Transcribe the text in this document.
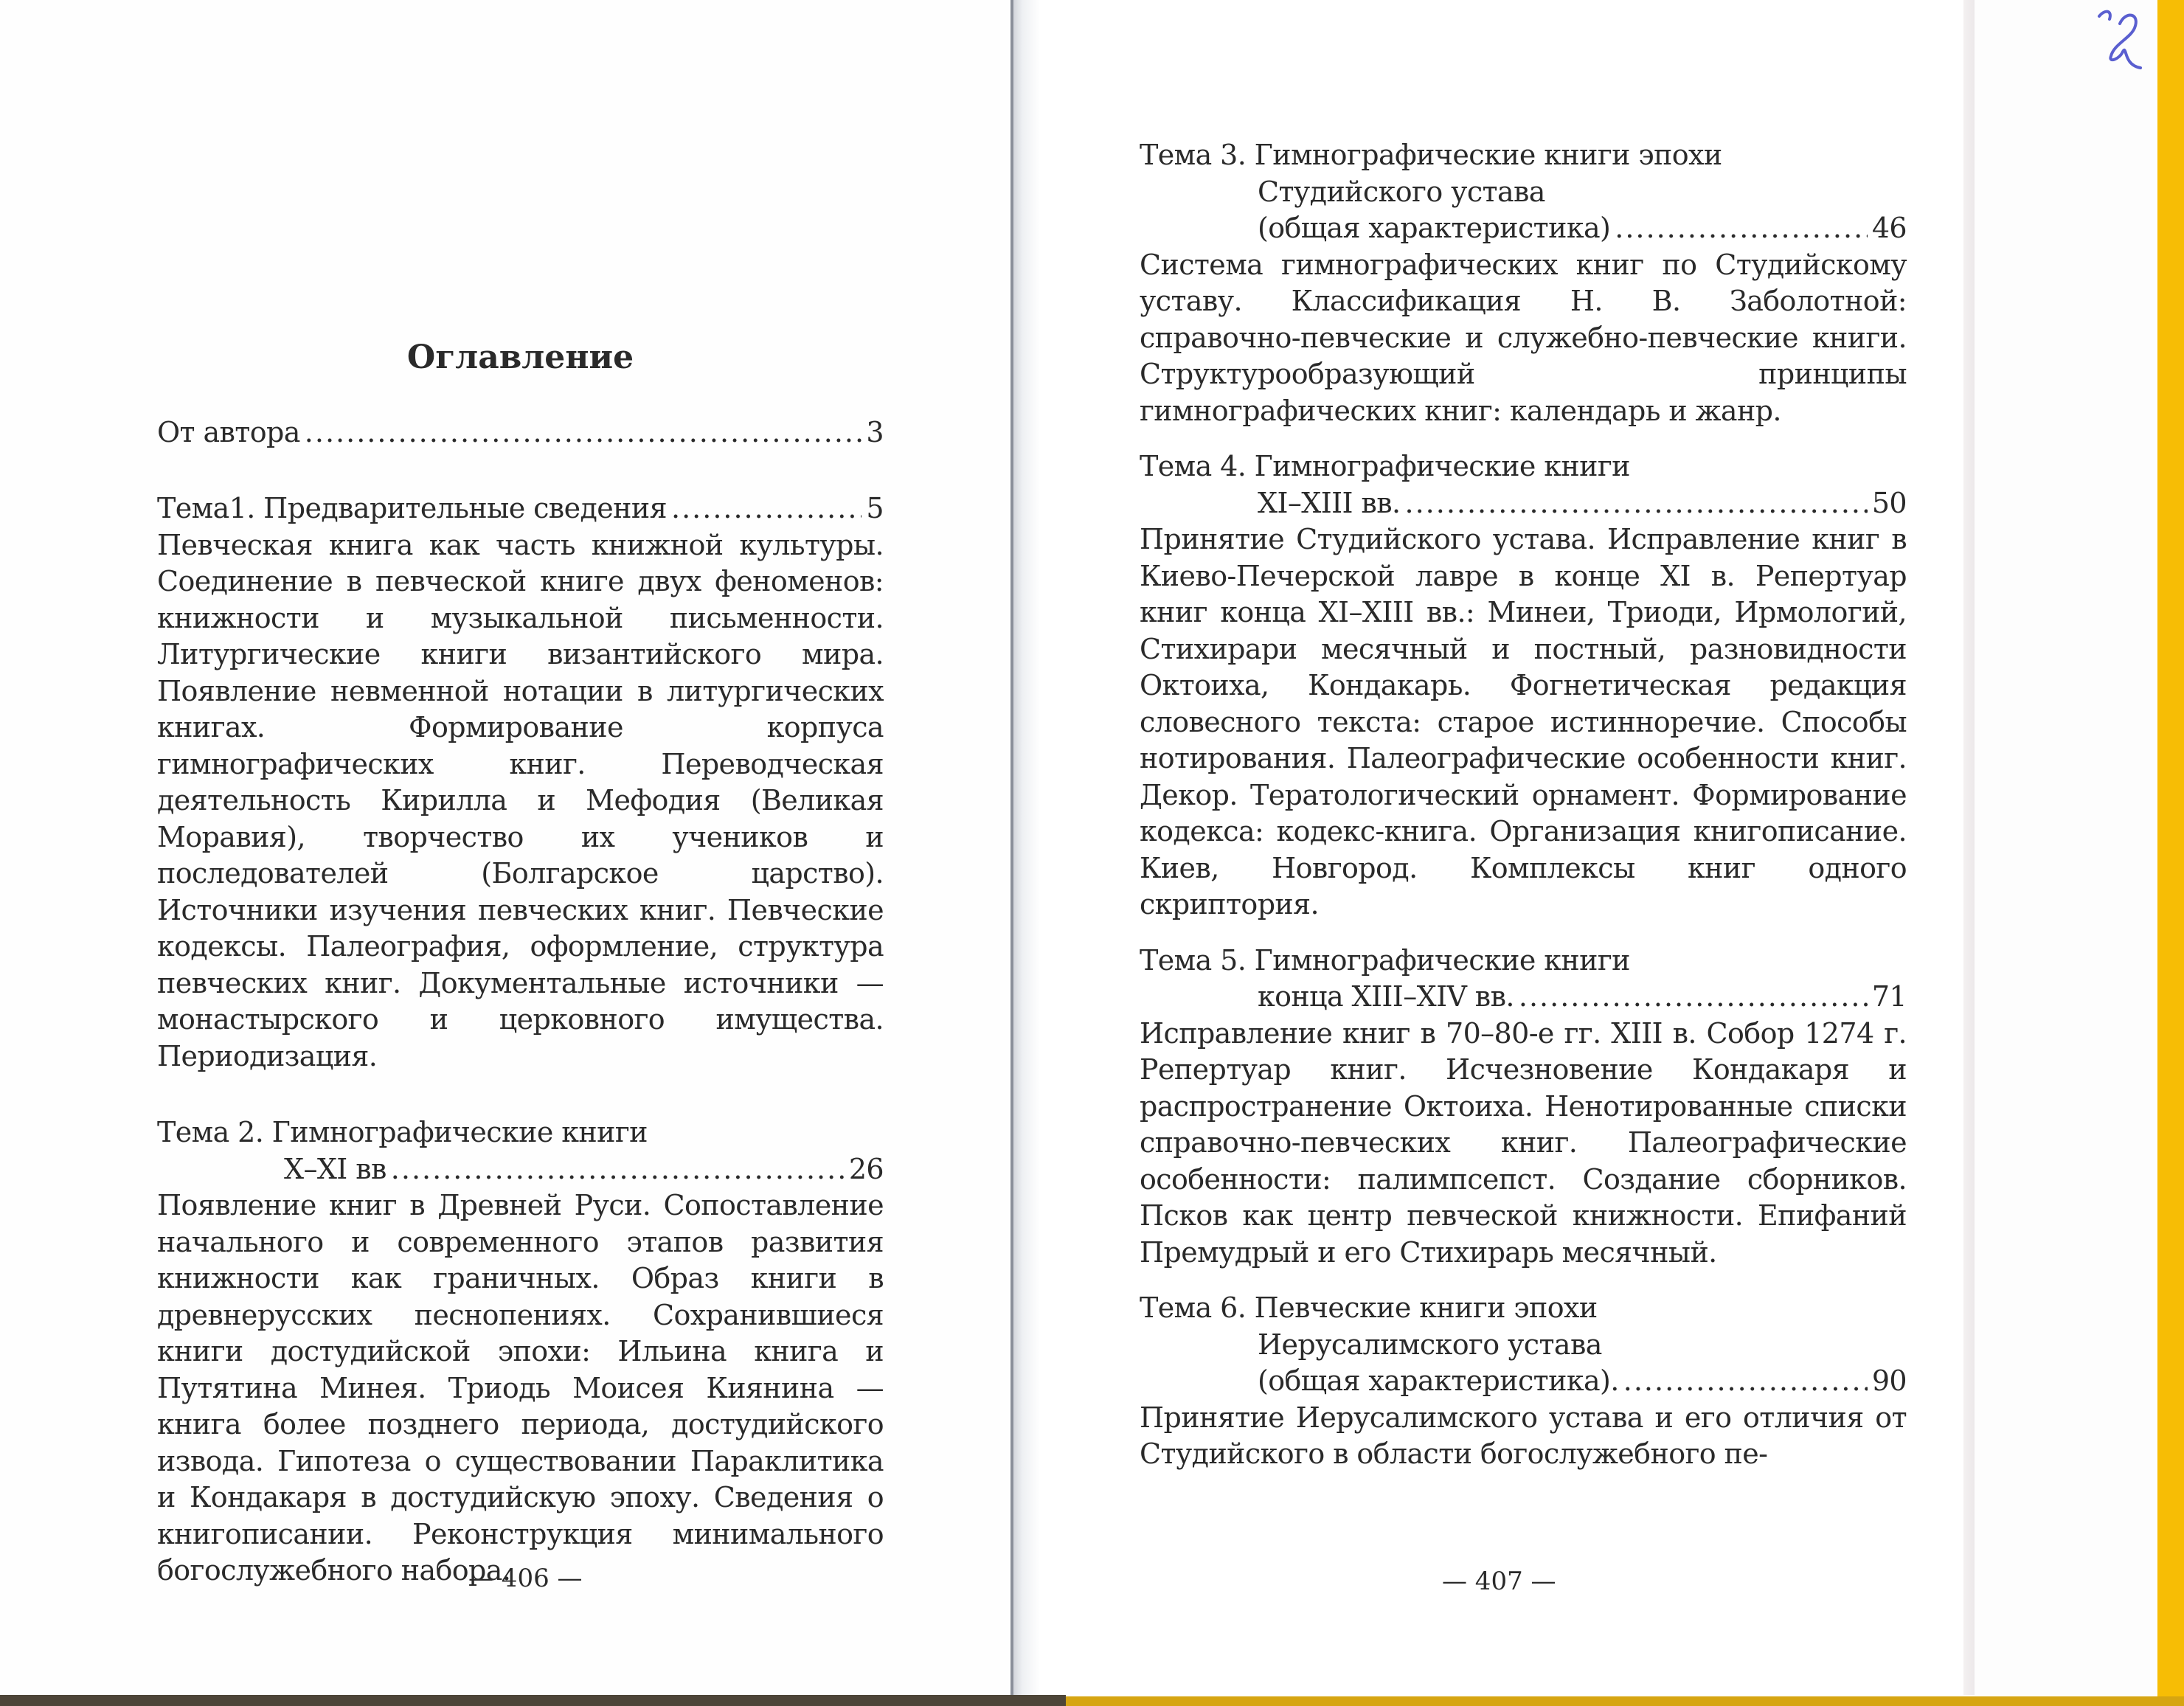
Оглавление
От автора .....	3
Тема1. Предварительные сведения .....	5

Певческая книга как часть книжной культуры. Соединение в певческой книге двух феноменов: книжности и музыкальной письменности. Литургические книги византийского мира. Появление невменной нотации в литургических книгах. Формирование корпуса гимнографических книг. Переводческая деятельность Кирилла и Мефодия (Великая Моравия), творчество их учеников и последователей (Болгарское царство). Источники изучения певческих книг. Певческие кодексы. Палеография, оформление, структура певческих книг. Документальные источники — монастырского и церковного имущества. Периодизация.

Тема 2. Гимнографические книги
X–XI вв .....	26

Появление книг в Древней Руси. Сопоставление начального и современного этапов развития книжности как граничных. Образ книги в древнерусских песнопениях. Сохранившиеся книги достудийской эпохи: Ильина книга и Путятина Минея. Триодь Моисея Киянина — книга более позднего периода, достудийского извода. Гипотеза о существовании Параклитика и Кондакаря в достудийскую эпоху. Сведения о книгописании. Реконструкция минимального богослужебного набора.

— 406 —
Тема 3. Гимнографические книги эпохи
Студийского устава
(общая характеристика) .....	46

Система гимнографических книг по Студийскому уставу. Классификация Н. В. Заболотной: справочно-певческие и служебно-певческие книги. Структурообразующий принципы гимнографических книг: календарь и жанр.

Тема 4. Гимнографические книги
XI–XIII вв. .....	50

Принятие Студийского устава. Исправление книг в Киево-Печерской лавре в конце XI в. Репертуар книг конца XI–XIII вв.: Минеи, Триоди, Ирмологий, Стихирари месячный и постный, разновидности Октоиха, Кондакарь. Фогнетическая редакция словесного текста: старое истинноречие. Способы нотирования. Палеографические особенности книг. Декор. Тератологический орнамент. Формирование кодекса: кодекс-книга. Организация книгописание. Киев, Новгород. Комплексы книг одного скриптория.

Тема 5. Гимнографические книги
конца XIII–XIV вв. .....	71

Исправление книг в 70–80-е гг. XIII в. Собор 1274 г. Репертуар книг. Исчезновение Кондакаря и распространение Октоиха. Ненотированные списки справочно-певческих книг. Палеографические особенности: палимпсепст. Создание сборников. Псков как центр певческой книжности. Епифаний Премудрый и его Стихирарь месячный.

Тема 6. Певческие книги эпохи
Иерусалимского устава
(общая характеристика). .....	90

Принятие Иерусалимского устава и его отличия от Студийского в области богослужебного пе-

— 407 —
